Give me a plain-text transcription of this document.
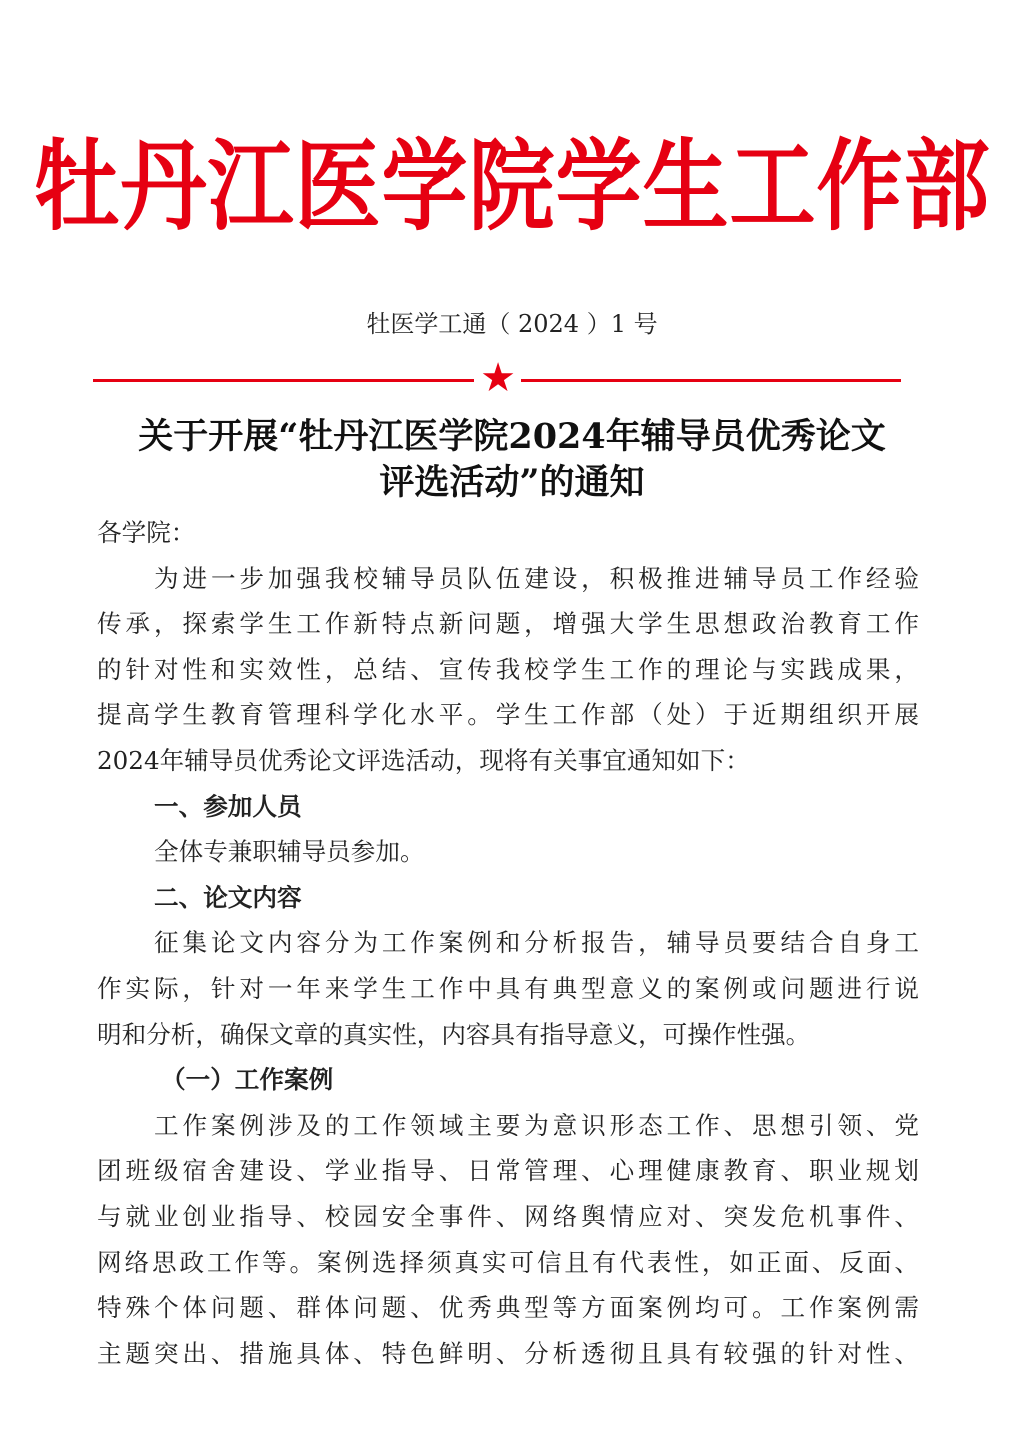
牡丹江医学院学生工作部
牡医学工通（ 2024 ）1 号
★
关于开展“牡丹江医学院2024年辅导员优秀论文
评选活动”的通知
各学院：
为进一步加强我校辅导员队伍建设，积极推进辅导员工作经验
传承，探索学生工作新特点新问题，增强大学生思想政治教育工作
的针对性和实效性，总结、宣传我校学生工作的理论与实践成果，
提高学生教育管理科学化水平。学生工作部（处）于近期组织开展
2024年辅导员优秀论文评选活动，现将有关事宜通知如下：
一、参加人员
全体专兼职辅导员参加。
二、论文内容
征集论文内容分为工作案例和分析报告，辅导员要结合自身工
作实际，针对一年来学生工作中具有典型意义的案例或问题进行说
明和分析，确保文章的真实性，内容具有指导意义，可操作性强。
（一）工作案例
工作案例涉及的工作领域主要为意识形态工作、思想引领、党
团班级宿舍建设、学业指导、日常管理、心理健康教育、职业规划
与就业创业指导、校园安全事件、网络舆情应对、突发危机事件、
网络思政工作等。案例选择须真实可信且有代表性，如正面、反面、
特殊个体问题、群体问题、优秀典型等方面案例均可。工作案例需
主题突出、措施具体、特色鲜明、分析透彻且具有较强的针对性、
